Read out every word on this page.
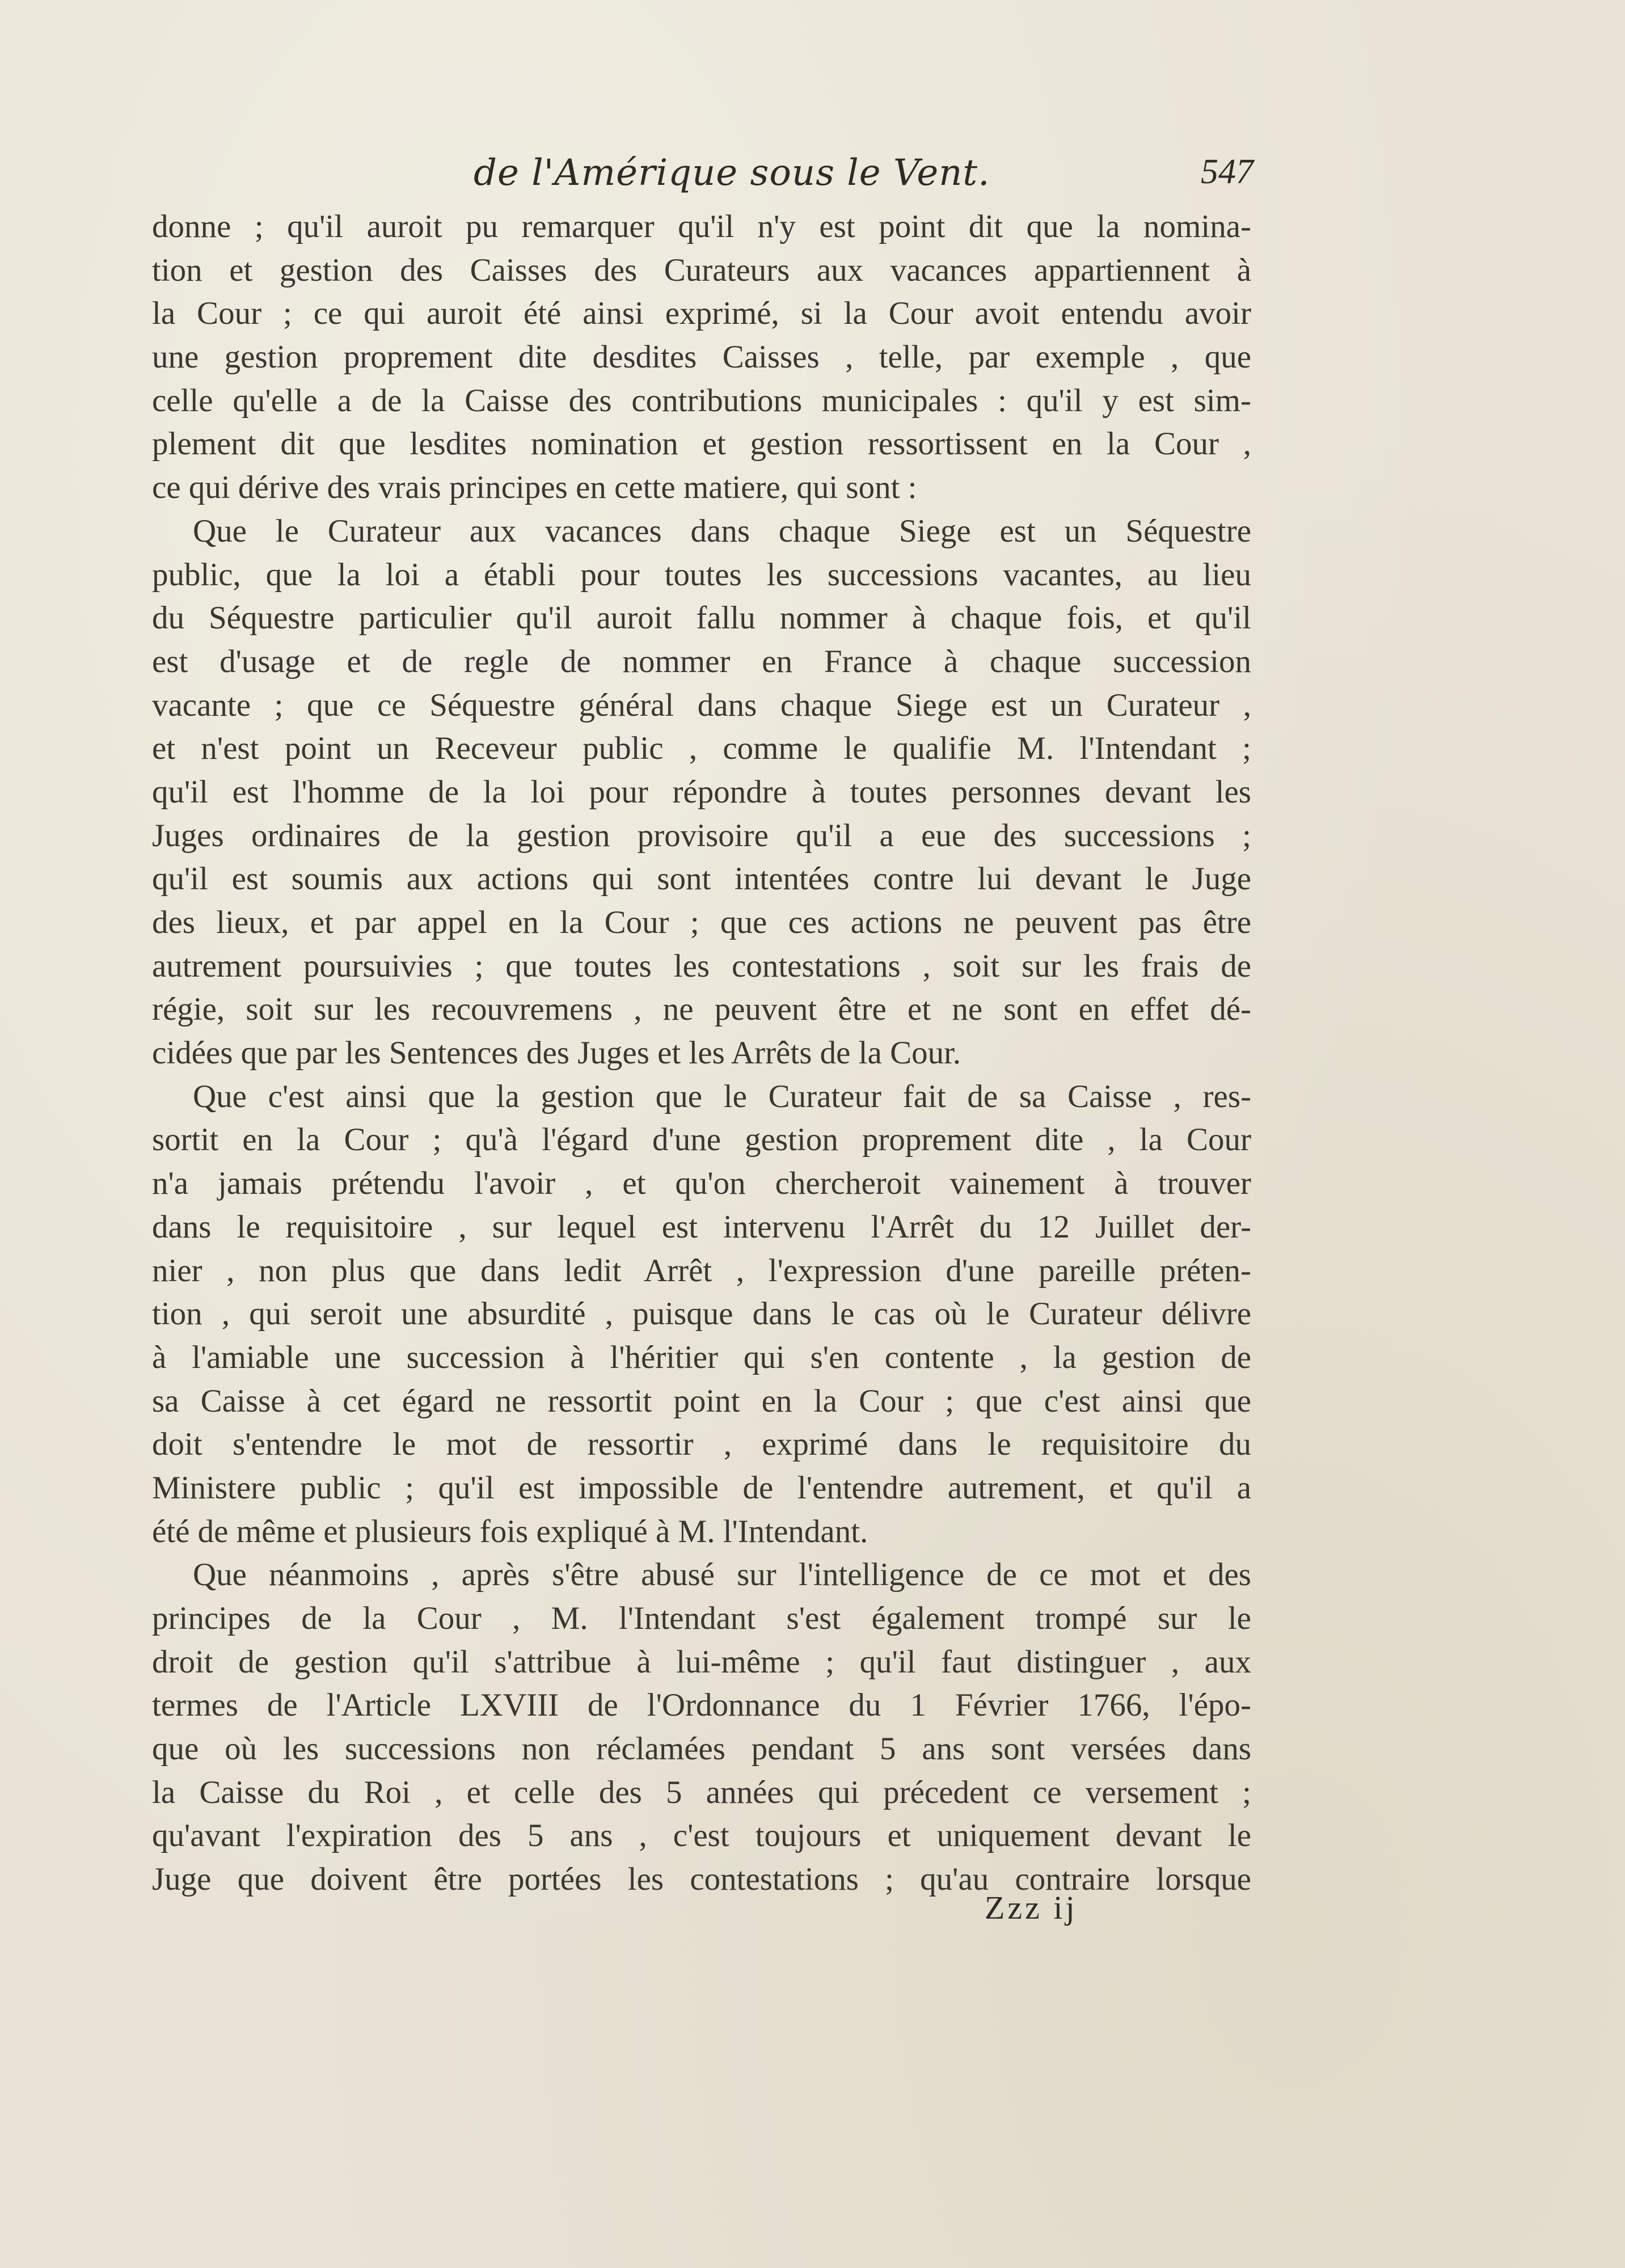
de l'Amérique sous le Vent.	547
donne ; qu'il auroit pu remarquer qu'il n'y est point dit que la nomina-
tion et gestion des Caisses des Curateurs aux vacances appartiennent à
la Cour ; ce qui auroit été ainsi exprimé, si la Cour avoit entendu avoir
une gestion proprement dite desdites Caisses , telle, par exemple , que
celle qu'elle a de la Caisse des contributions municipales : qu'il y est sim-
plement dit que lesdites nomination et gestion ressortissent en la Cour ,
ce qui dérive des vrais principes en cette matiere, qui sont :
Que le Curateur aux vacances dans chaque Siege est un Séquestre
public, que la loi a établi pour toutes les successions vacantes, au lieu
du Séquestre particulier qu'il auroit fallu nommer à chaque fois, et qu'il
est d'usage et de regle de nommer en France à chaque succession
vacante ; que ce Séquestre général dans chaque Siege est un Curateur ,
et n'est point un Receveur public , comme le qualifie M. l'Intendant ;
qu'il est l'homme de la loi pour répondre à toutes personnes devant les
Juges ordinaires de la gestion provisoire qu'il a eue des successions ;
qu'il est soumis aux actions qui sont intentées contre lui devant le Juge
des lieux, et par appel en la Cour ; que ces actions ne peuvent pas être
autrement poursuivies ; que toutes les contestations , soit sur les frais de
régie, soit sur les recouvremens , ne peuvent être et ne sont en effet dé-
cidées que par les Sentences des Juges et les Arrêts de la Cour.
Que c'est ainsi que la gestion que le Curateur fait de sa Caisse , res-
sortit en la Cour ; qu'à l'égard d'une gestion proprement dite , la Cour
n'a jamais prétendu l'avoir , et qu'on chercheroit vainement à trouver
dans le requisitoire , sur lequel est intervenu l'Arrêt du 12 Juillet der-
nier , non plus que dans ledit Arrêt , l'expression d'une pareille préten-
tion , qui seroit une absurdité , puisque dans le cas où le Curateur délivre
à l'amiable une succession à l'héritier qui s'en contente , la gestion de
sa Caisse à cet égard ne ressortit point en la Cour ; que c'est ainsi que
doit s'entendre le mot de ressortir , exprimé dans le requisitoire du
Ministere public ; qu'il est impossible de l'entendre autrement, et qu'il a
été de même et plusieurs fois expliqué à M. l'Intendant.
Que néanmoins , après s'être abusé sur l'intelligence de ce mot et des
principes de la Cour , M. l'Intendant s'est également trompé sur le
droit de gestion qu'il s'attribue à lui-même ; qu'il faut distinguer , aux
termes de l'Article LXVIII de l'Ordonnance du 1 Février 1766, l'épo-
que où les successions non réclamées pendant 5 ans sont versées dans
la Caisse du Roi , et celle des 5 années qui précedent ce versement ;
qu'avant l'expiration des 5 ans , c'est toujours et uniquement devant le
Juge que doivent être portées les contestations ; qu'au contraire lorsque
Zzz ij
